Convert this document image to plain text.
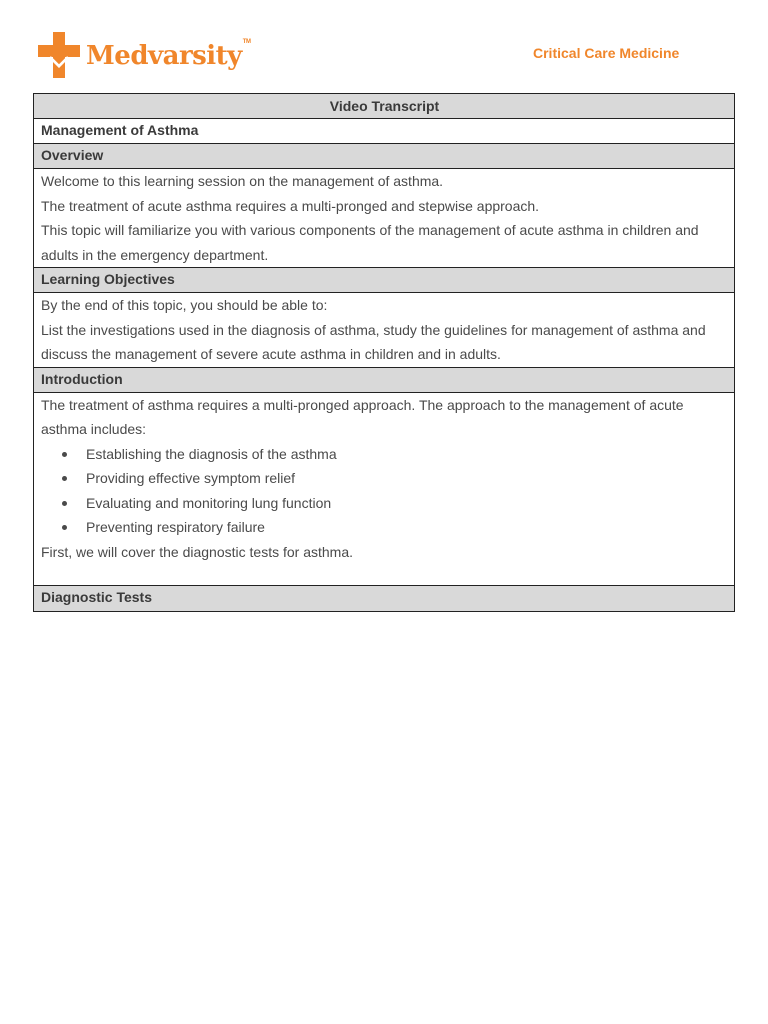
Medvarsity™
Critical Care Medicine
Video Transcript
Management of Asthma
Overview

Welcome to this learning session on the management of asthma.

The treatment of acute asthma requires a multi-pronged and stepwise approach.

This topic will familiarize you with various components of the management of acute asthma in children and adults in the emergency department.

Learning Objectives

By the end of this topic, you should be able to:

List the investigations used in the diagnosis of asthma, study the guidelines for management of asthma and discuss the management of severe acute asthma in children and in adults.

Introduction

The treatment of asthma requires a multi-pronged approach. The approach to the management of acute asthma includes:

Establishing the diagnosis of the asthma
Providing effective symptom relief
Evaluating and monitoring lung function
Preventing respiratory failure

First, we will cover the diagnostic tests for asthma.

Diagnostic Tests
